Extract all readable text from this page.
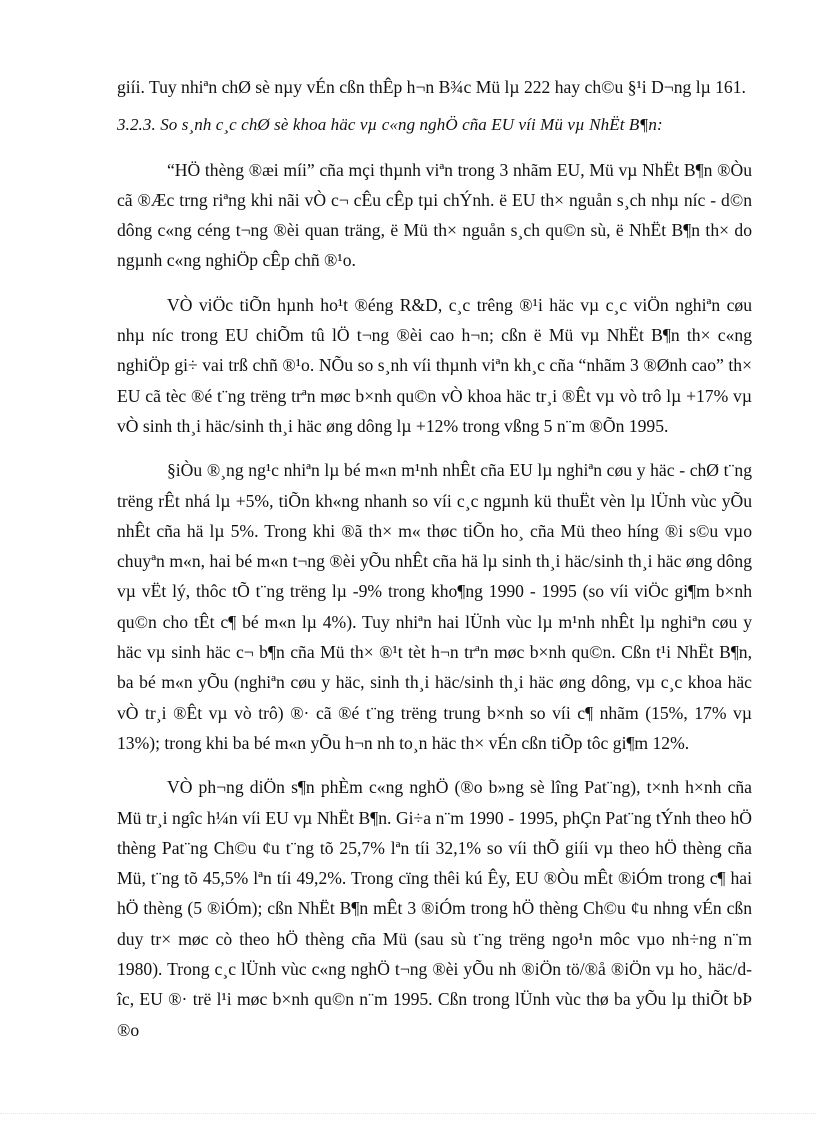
giíi. Tuy nhiªn chØ sè nµy vÉn cßn thÊp h¬n B¾c Mü lµ 222 hay ch©u §¹i D¬ng lµ 161.

3.2.3. So s¸nh c¸c chØ sè khoa häc vµ c«ng nghÖ cña EU víi Mü vµ NhËt B¶n:

“HÖ thèng ®æi míi” cña mçi thµnh viªn trong 3 nhãm EU, Mü vµ NhËt B¶n ®Òu cã ®Æc trng riªng khi nãi vÒ c¬ cÊu cÊp tµi chÝnh. ë EU th× nguån s¸ch nhµ níc - d©n dông c«ng céng t¬ng ®èi quan träng, ë Mü th× nguån s¸ch qu©n sù, ë NhËt B¶n th× do ngµnh c«ng nghiÖp cÊp chñ ®¹o.

VÒ viÖc tiÕn hµnh ho¹t ®éng R&D, c¸c trêng ®¹i häc vµ c¸c viÖn nghiªn cøu nhµ níc trong EU chiÕm tû lÖ t¬ng ®èi cao h¬n; cßn ë Mü vµ NhËt B¶n th× c«ng nghiÖp gi÷ vai trß chñ ®¹o. NÕu so s¸nh víi thµnh viªn kh¸c cña “nhãm 3 ®Ønh cao” th× EU cã tèc ®é t¨ng trëng trªn møc b×nh qu©n vÒ khoa häc tr¸i ®Êt vµ vò trô lµ +17% vµ vÒ sinh th¸i häc/sinh th¸i häc øng dông lµ +12% trong vßng 5 n¨m ®Õn 1995.

§iÒu ®¸ng ng¹c nhiªn lµ bé m«n m¹nh nhÊt cña EU lµ nghiªn cøu y häc - chØ t¨ng trëng rÊt nhá lµ +5%, tiÕn kh«ng nhanh so víi c¸c ngµnh kü thuËt vèn lµ lÜnh vùc yÕu nhÊt cña hä lµ 5%. Trong khi ®ã th× m« thøc tiÕn ho¸ cña Mü theo híng ®i s©u vµo chuyªn m«n, hai bé m«n t¬ng ®èi yÕu nhÊt cña hä lµ sinh th¸i häc/sinh th¸i häc øng dông vµ vËt lý, thôc tÕ t¨ng trëng lµ -9% trong kho¶ng 1990 - 1995 (so víi viÖc gi¶m b×nh qu©n cho tÊt c¶ bé m«n lµ 4%). Tuy nhiªn hai lÜnh vùc lµ m¹nh nhÊt lµ nghiªn cøu y häc vµ sinh häc c¬ b¶n cña Mü th× ®¹t tèt h¬n trªn møc b×nh qu©n. Cßn t¹i NhËt B¶n, ba bé m«n yÕu (nghiªn cøu y häc, sinh th¸i häc/sinh th¸i häc øng dông, vµ c¸c khoa häc vÒ tr¸i ®Êt vµ vò trô) ®· cã ®é t¨ng trëng trung b×nh so víi c¶ nhãm (15%, 17% vµ 13%); trong khi ba bé m«n yÕu h¬n nh to¸n häc th× vÉn cßn tiÕp tôc gi¶m 12%.

VÒ ph¬ng diÖn s¶n phÈm c«ng nghÖ (®o b»ng sè lîng Pat¨ng), t×nh h×nh cña Mü tr¸i ngîc h¼n víi EU vµ NhËt B¶n. Gi÷a n¨m 1990 - 1995, phÇn Pat¨ng tÝnh theo hÖ thèng Pat¨ng Ch©u ¢u t¨ng tõ 25,7% lªn tíi 32,1% so víi thÕ giíi vµ theo hÖ thèng cña Mü, t¨ng tõ 45,5% lªn tíi 49,2%. Trong cïng thêi kú Êy, EU ®Òu mÊt ®iÓm trong c¶ hai hÖ thèng (5 ®iÓm); cßn NhËt B¶n mÊt 3 ®iÓm trong hÖ thèng Ch©u ¢u nhng vÉn cßn duy tr× møc cò theo hÖ thèng cña Mü (sau sù t¨ng trëng ngo¹n môc vµo nh÷ng n¨m 1980). Trong c¸c lÜnh vùc c«ng nghÖ t¬ng ®èi yÕu nh ®iÖn tö/®å ®iÖn vµ ho¸ häc/dîc, EU ®· trë l¹i møc b×nh qu©n n¨m 1995. Cßn trong lÜnh vùc thø ba yÕu lµ thiÕt bÞ ®o
